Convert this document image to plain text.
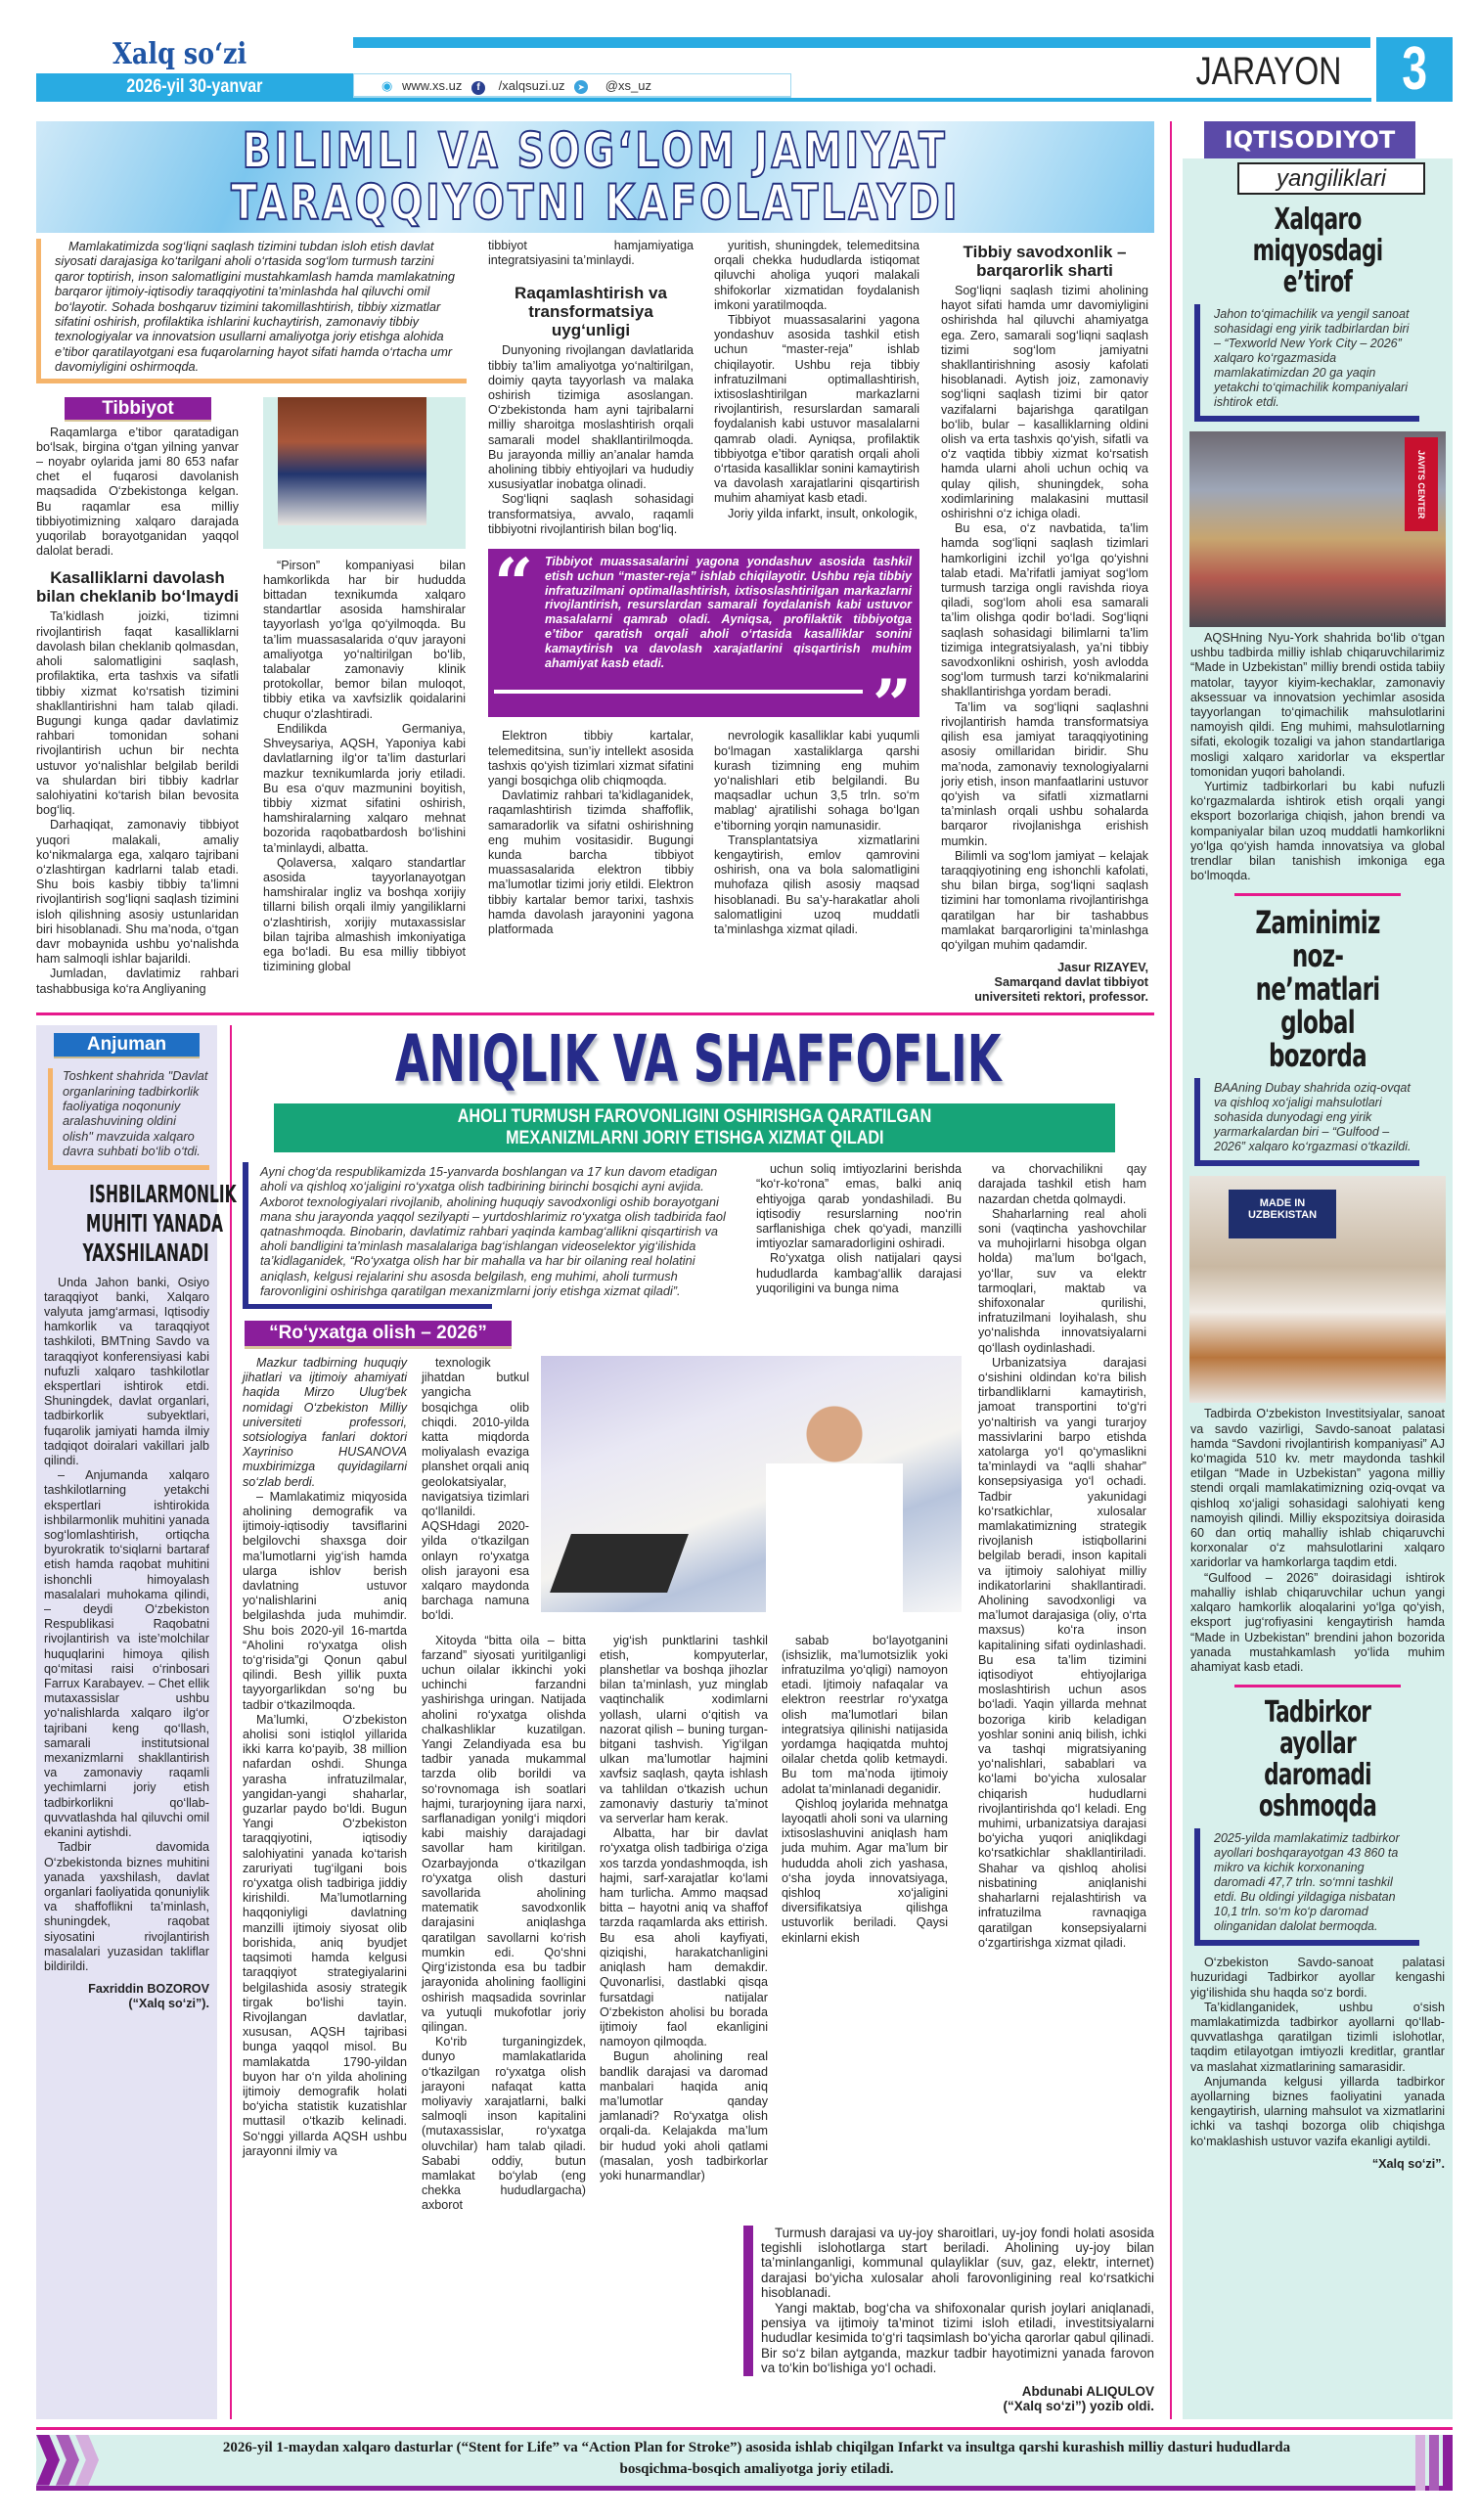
Xalq so‘zi
2026-yil 30-yanvar	◉ www.xs.uz f /xalqsuzi.uz ➤ @xs_uz	JARAYON 3
BILIMLI VA SOG‘LOM JAMIYAT
TARAQQIYOTNI KAFOLATLAYDI

Mamlakatimizda sog‘liqni saqlash tizimini tubdan isloh etish davlat siyosati darajasiga ko‘tarilgani aholi o‘rtasida sog‘lom turmush tarzini qaror toptirish, inson salomatligini mustahkamlash hamda mamlakatning barqaror ijtimoiy-iqtisodiy taraqqiyotini ta’minlashda hal qiluvchi omil bo‘layotir. Sohada boshqaruv tizimini takomillashtirish, tibbiy xizmatlar sifatini oshirish, profilaktika ishlarini kuchaytirish, zamonaviy tibbiy texnologiyalar va innovatsion usullarni amaliyotga joriy etishga alohida e’tibor qaratilayotgani esa fuqarolarning hayot sifati hamda o‘rtacha umr davomiyligini oshirmoqda.

Tibbiyot

Raqamlarga e’tibor qaratadigan bo‘lsak, birgina o‘tgan yilning yanvar – noyabr oylarida jami 80 653 nafar chet el fuqarosi davolanish maqsadida O‘zbekistonga kelgan. Bu raqamlar esa milliy tibbiyotimizning xalqaro darajada yuqorilab borayotganidan yaqqol dalolat beradi.

Kasalliklarni davolash bilan cheklanib bo‘lmaydi

Ta’kidlash joizki, tizimni rivojlantirish faqat kasalliklarni davolash bilan cheklanib qolmasdan, aholi salomatligini saqlash, profilaktika, erta tashxis va sifatli tibbiy xizmat ko‘rsatish tizimini shakllantirishni ham talab qiladi. Bugungi kunga qadar davlatimiz rahbari tomonidan sohani rivojlantirish uchun bir nechta ustuvor yo‘nalishlar belgilab berildi va shulardan biri tibbiy kadrlar salohiyatini ko‘tarish bilan bevosita bog‘liq.

Darhaqiqat, zamonaviy tibbiyot yuqori malakali, amaliy ko‘nikmalarga ega, xalqaro tajribani o‘zlashtirgan kadrlarni talab etadi. Shu bois kasbiy tibbiy ta’limni rivojlantirish sog‘liqni saqlash tizimini isloh qilishning asosiy ustunlaridan biri hisoblanadi. Shu ma’noda, o‘tgan davr mobaynida ushbu yo‘nalishda ham salmoqli ishlar bajarildi.

Jumladan, davlatimiz rahbari tashabbusiga ko‘ra Angliyaning

“Pirson” kompaniyasi bilan hamkorlikda har bir hududda bittadan texnikumda xalqaro standartlar asosida hamshiralar tayyorlash yo‘lga qo‘yilmoqda. Bu ta’lim muassasalarida o‘quv jarayoni amaliyotga yo‘naltirilgan bo‘lib, talabalar zamonaviy klinik protokollar, bemor bilan muloqot, tibbiy etika va xavfsizlik qoidalarini chuqur o‘zlashtiradi.

Endilikda Germaniya, Shveysariya, AQSH, Yaponiya kabi davlatlarning ilg‘or ta’lim dasturlari mazkur texnikumlarda joriy etiladi. Bu esa o‘quv mazmunini boyitish, tibbiy xizmat sifatini oshirish, hamshiralarning xalqaro mehnat bozorida raqobatbardosh bo‘lishini ta’minlaydi, albatta.

Qolaversa, xalqaro standartlar asosida tayyorlanayotgan hamshiralar ingliz va boshqa xorijiy tillarni bilish orqali ilmiy yangiliklarni o‘zlashtirish, xorijiy mutaxassislar bilan tajriba almashish imkoniyatiga ega bo‘ladi. Bu esa milliy tibbiyot tizimining global

tibbiyot hamjamiyatiga integratsiyasini ta’minlaydi.
Raqamlashtirish va transformatsiya uyg‘unligi

Dunyoning rivojlangan davlatlarida tibbiy ta’lim amaliyotga yo‘naltirilgan, doimiy qayta tayyorlash va malaka oshirish tizimiga asoslangan. O‘zbekistonda ham ayni tajribalarni milliy sharoitga moslashtirish orqali samarali model shakllantirilmoqda. Bu jarayonda milliy an’analar hamda aholining tibbiy ehtiyojlari va hududiy xususiyatlar inobatga olinadi.

Sog‘liqni saqlash sohasidagi transformatsiya, avvalo, raqamli tibbiyotni rivojlantirish bilan bog‘liq.

yuritish, shuningdek, telemeditsina orqali chekka hududlarda istiqomat qiluvchi aholiga yuqori malakali shifokorlar xizmatidan foydalanish imkoni yaratilmoqda.

Tibbiyot muassasalarini yagona yondashuv asosida tashkil etish uchun “master-reja” ishlab chiqilayotir. Ushbu reja tibbiy infratuzilmani optimallashtirish, ixtisoslashtirilgan markazlarni rivojlantirish, resurslardan samarali foydalanish kabi ustuvor masalalarni qamrab oladi. Ayniqsa, profilaktik tibbiyotga e’tibor qaratish orqali aholi o‘rtasida kasalliklar sonini kamaytirish va davolash xarajatlarini qisqartirish muhim ahamiyat kasb etadi.

Joriy yilda infarkt, insult, onkologik,

“ Tibbiyot muassasalarini yagona yondashuv asosida tashkil etish uchun “master-reja” ishlab chiqilayotir. Ushbu reja tibbiy infratuzilmani optimallashtirish, ixtisoslashtirilgan markazlarni rivojlantirish, resurslardan samarali foydalanish kabi ustuvor masalalarni qamrab oladi. Ayniqsa, profilaktik tibbiyotga e’tibor qaratish orqali aholi o‘rtasida kasalliklar sonini kamaytirish va davolash xarajatlarini qisqartirish muhim ahamiyat kasb etadi.
”

Elektron tibbiy kartalar, telemeditsina, sun’iy intellekt asosida tashxis qo‘yish tizimlari xizmat sifatini yangi bosqichga olib chiqmoqda.

Davlatimiz rahbari ta’kidlaganidek, raqamlashtirish tizimda shaffoflik, samaradorlik va sifatni oshirishning eng muhim vositasidir. Bugungi kunda barcha tibbiyot muassasalarida elektron tibbiy ma’lumotlar tizimi joriy etildi. Elektron tibbiy kartalar bemor tarixi, tashxis hamda davolash jarayonini yagona platformada

nevrologik kasalliklar kabi yuqumli bo‘lmagan xastaliklarga qarshi kurash tizimning eng muhim yo‘nalishlari etib belgilandi. Bu maqsadlar uchun 3,5 trln. so‘m mablag‘ ajratilishi sohaga bo‘lgan e’tiborning yorqin namunasidir.

Transplantatsiya xizmatlarini kengaytirish, emlov qamrovini oshirish, ona va bola salomatligini muhofaza qilish asosiy maqsad hisoblanadi. Bu sa’y-harakatlar aholi salomatligini uzoq muddatli ta’minlashga xizmat qiladi.

Tibbiy savodxonlik – barqarorlik sharti

Sog‘liqni saqlash tizimi aholining hayot sifati hamda umr davomiyligini oshirishda hal qiluvchi ahamiyatga ega. Zero, samarali sog‘liqni saqlash tizimi sog‘lom jamiyatni shakllantirishning asosiy kafolati hisoblanadi. Aytish joiz, zamonaviy sog‘liqni saqlash tizimi bir qator vazifalarni bajarishga qaratilgan bo‘lib, bular – kasalliklarning oldini olish va erta tashxis qo‘yish, sifatli va o‘z vaqtida tibbiy xizmat ko‘rsatish hamda ularni aholi uchun ochiq va qulay qilish, shuningdek, soha xodimlarining malakasini muttasil oshirishni o‘z ichiga oladi.

Bu esa, o‘z navbatida, ta’lim hamda sog‘liqni saqlash tizimlari hamkorligini izchil yo‘lga qo‘yishni talab etadi. Ma’rifatli jamiyat sog‘lom turmush tarziga ongli ravishda rioya qiladi, sog‘lom aholi esa samarali ta’lim olishga qodir bo‘ladi. Sog‘liqni saqlash sohasidagi bilimlarni ta’lim tizimiga integratsiyalash, ya’ni tibbiy savodxonlikni oshirish, yosh avlodda sog‘lom turmush tarzi ko‘nikmalarini shakllantirishga yordam beradi.

Ta’lim va sog‘liqni saqlashni rivojlantirish hamda transformatsiya qilish esa jamiyat taraqqiyotining asosiy omillaridan biridir. Shu ma’noda, zamonaviy texnologiyalarni joriy etish, inson manfaatlarini ustuvor qo‘yish va sifatli xizmatlarni ta’minlash orqali ushbu sohalarda barqaror rivojlanishga erishish mumkin.

Bilimli va sog‘lom jamiyat – kelajak taraqqiyotining eng ishonchli kafolati, shu bilan birga, sog‘liqni saqlash tizimini har tomonlama rivojlantirishga qaratilgan har bir tashabbus mamlakat barqarorligini ta’minlashga qo‘yilgan muhim qadamdir.

Jasur RIZAYEV,
Samarqand davlat tibbiyot universiteti rektori, professor.
Anjuman
Toshkent shahrida "Davlat organlarining tadbirkorlik faoliyatiga noqonuniy aralashuvining oldini olish" mavzuida xalqaro davra suhbati bo‘lib o‘tdi.
ISHBILARMONLIK
MUHITI YANADA
YAXSHILANADI

Unda Jahon banki, Osiyo taraqqiyot banki, Xalqaro valyuta jamg‘armasi, Iqtisodiy hamkorlik va taraqqiyot tashkiloti, BMTning Savdo va taraqqiyot konferensiyasi kabi nufuzli xalqaro tashkilotlar ekspertlari ishtirok etdi. Shuningdek, davlat organlari, tadbirkorlik subyektlari, fuqarolik jamiyati hamda ilmiy tadqiqot doiralari vakillari jalb qilindi.

– Anjumanda xalqaro tashkilotlarning yetakchi ekspertlari ishtirokida ishbilarmonlik muhitini yanada sog‘lomlashtirish, ortiqcha byurokratik to‘siqlarni bartaraf etish hamda raqobat muhitini ishonchli himoyalash masalalari muhokama qilindi, – deydi O‘zbekiston Respublikasi Raqobatni rivojlantirish va iste’molchilar huquqlarini himoya qilish qo‘mitasi raisi o‘rinbosari Farrux Karabayev. – Chet ellik mutaxassislar ushbu yo‘nalishlarda xalqaro ilg‘or tajribani keng qo‘llash, samarali institutsional mexanizmlarni shakllantirish va zamonaviy raqamli yechimlarni joriy etish tadbirkorlikni qo‘llab-quvvatlashda hal qiluvchi omil ekanini aytishdi.

Tadbir davomida O‘zbekistonda biznes muhitini yanada yaxshilash, davlat organlari faoliyatida qonuniylik va shaffoflikni ta’minlash, shuningdek, raqobat siyosatini rivojlantirish masalalari yuzasidan takliflar bildirildi.

Faxriddin BOZOROV
(“Xalq so‘zi”).
ANIQLIK VA SHAFFOFLIK
AHOLI TURMUSH FAROVONLIGINI OSHIRISHGA QARATILGAN
MEXANIZMLARNI JORIY ETISHGA XIZMAT QILADI
Ayni chog‘da respublikamizda 15-yanvarda boshlangan va 17 kun davom etadigan aholi va qishloq xo‘jaligini ro‘yxatga olish tadbirining birinchi bosqichi ayni avjida. Axborot texnologiyalari rivojlanib, aholining huquqiy savodxonligi oshib borayotgani mana shu jarayonda yaqqol sezilyapti – yurtdoshlarimiz ro‘yxatga olish tadbirida faol qatnashmoqda. Binobarin, davlatimiz rahbari yaqinda kambag‘allikni qisqartirish va aholi bandligini ta’minlash masalalariga bag‘ishlangan videoselektor yig‘ilishida ta’kidlaganidek, “Ro‘yxatga olish har bir mahalla va har bir oilaning real holatini aniqlash, kelgusi rejalarini shu asosda belgilash, eng muhimi, aholi turmush farovonligini oshirishga qaratilgan mexanizmlarni joriy etishga xizmat qiladi”.

uchun soliq imtiyozlarini berishda “ko‘r-ko‘rona” emas, balki aniq ehtiyojga qarab yondashiladi. Bu iqtisodiy resurslarning noo‘rin sarflanishiga chek qo‘yadi, manzilli imtiyozlar samaradorligini oshiradi.

Ro‘yxatga olish natijalari qaysi hududlarda kambag‘allik darajasi yuqoriligini va bunga nima

“Ro‘yxatga olish – 2026”
Mazkur tadbirning huquqiy jihatlari va ijtimoiy ahamiyati haqida Mirzo Ulug‘bek nomidagi O‘zbekiston Milliy universiteti professori, sotsiologiya fanlari doktori Xayriniso HUSANOVA muxbirimizga quyidagilarni so‘zlab berdi.

– Mamlakatimiz miqyosida aholining demografik va ijtimoiy-iqtisodiy tavsiflarini belgilovchi shaxsga doir ma’lumotlarni yig‘ish hamda ularga ishlov berish davlatning ustuvor yo‘nalishlarini aniq belgilashda juda muhimdir. Shu bois 2020-yil 16-martda “Aholini ro‘yxatga olish to‘g‘risida”gi Qonun qabul qilindi. Besh yillik puxta tayyorgarlikdan so‘ng bu tadbir o‘tkazilmoqda.

Ma’lumki, O‘zbekiston aholisi soni istiqlol yillarida ikki karra ko‘payib, 38 million nafardan oshdi. Shunga yarasha infratuzilmalar, yangidan-yangi shaharlar, guzarlar paydo bo‘ldi. Bugun Yangi O‘zbekiston taraqqiyotini, iqtisodiy salohiyatini yanada ko‘tarish zaruriyati tug‘ilgani bois ro‘yxatga olish tadbiriga jiddiy kirishildi. Ma’lumotlarning haqqoniyligi davlatning manzilli ijtimoiy siyosat olib borishida, aniq byudjet taqsimoti hamda kelgusi taraqqiyot strategiyalarini belgilashida asosiy strategik tirgak bo‘lishi tayin. Rivojlangan davlatlar, xususan, AQSH tajribasi bunga yaqqol misol. Bu mamlakatda 1790-yildan buyon har o‘n yilda aholining ijtimoiy demografik holati bo‘yicha statistik kuzatishlar muttasil o‘tkazib kelinadi. So‘nggi yillarda AQSH ushbu jarayonni ilmiy va

texnologik jihatdan butkul yangicha bosqichga olib chiqdi. 2010-yilda katta miqdorda moliyalash evaziga planshet orqali aniq geolokatsiyalar, navigatsiya tizimlari qo‘llanildi. AQSHdagi 2020-yilda o‘tkazilgan onlayn ro‘yxatga olish jarayoni esa xalqaro maydonda barchaga namuna bo‘ldi.

Xitoyda “bitta oila – bitta farzand” siyosati yuritilganligi uchun oilalar ikkinchi yoki uchinchi farzandni yashirishga uringan. Natijada aholini ro‘yxatga olishda chalkashliklar kuzatilgan. Yangi Zelandiyada esa bu tadbir yanada mukammal tarzda olib borildi va so‘rovnomaga ish soatlari hajmi, turarjoyning ijara narxi, sarflanadigan yonilg‘i miqdori kabi maishiy darajadagi savollar ham kiritilgan. Ozarbayjonda o‘tkazilgan ro‘yxatga olish dasturi savollarida aholining matematik savodxonlik darajasini aniqlashga qaratilgan savollarni ko‘rish mumkin edi. Qo‘shni Qirg‘izistonda esa bu tadbir jarayonida aholining faolligini oshirish maqsadida sovrinlar va yutuqli mukofotlar joriy qilingan.

Ko‘rib turganingizdek, dunyo mamlakatlarida o‘tkazilgan ro‘yxatga olish jarayoni nafaqat katta moliyaviy xarajatlarni, balki salmoqli inson kapitalini (mutaxassislar, ro‘yxatga oluvchilar) ham talab qiladi. Sababi oddiy, butun mamlakat bo‘ylab (eng chekka hududlargacha) axborot

yig‘ish punktlarini tashkil etish, kompyuterlar, planshetlar va boshqa jihozlar bilan ta’minlash, yuz minglab vaqtinchalik xodimlarni yollash, ularni o‘qitish va nazorat qilish – buning turgan-bitgani tashvish. Yig‘ilgan ulkan ma’lumotlar hajmini xavfsiz saqlash, qayta ishlash va tahlildan o‘tkazish uchun zamonaviy dasturiy ta’minot va serverlar ham kerak.

Albatta, har bir davlat ro‘yxatga olish tadbiriga o‘ziga xos tarzda yondashmoqda, ish hajmi, sarf-xarajatlar ko‘lami ham turlicha. Ammo maqsad bitta – hayotni aniq va shaffof tarzda raqamlarda aks ettirish. Bu esa aholi kayfiyati, qiziqishi, harakatchanligini aniqlash ham demakdir. Quvonarlisi, dastlabki qisqa fursatdagi natijalar O‘zbekiston aholisi bu borada ijtimoiy faol ekanligini namoyon qilmoqda.

Bugun aholining real bandlik darajasi va daromad manbalari haqida aniq ma’lumotlar qanday jamlanadi? Ro‘yxatga olish orqali-da. Kelajakda ma’lum bir hudud yoki aholi qatlami (masalan, yosh tadbirkorlar yoki hunarmandlar)

sabab bo‘layotganini (ishsizlik, ma’lumotsizlik yoki infratuzilma yo‘qligi) namoyon etadi. Ijtimoiy nafaqalar va elektron reestrlar ro‘yxatga olish ma’lumotlari bilan integratsiya qilinishi natijasida yordamga haqiqatda muhtoj oilalar chetda qolib ketmaydi. Bu tom ma’noda ijtimoiy adolat ta’minlanadi deganidir.

Qishloq joylarida mehnatga layoqatli aholi soni va ularning ixtisoslashuvini aniqlash ham juda muhim. Agar ma’lum bir hududda aholi zich yashasa, o‘sha joyda innovatsiyaga, qishloq xo‘jaligini diversifikatsiya qilishga ustuvorlik beriladi. Qaysi ekinlarni ekish

va chorvachilikni qay darajada tashkil etish ham nazardan chetda qolmaydi.

Shaharlarning real aholi soni (vaqtincha yashovchilar va muhojirlarni hisobga olgan holda) ma’lum bo‘lgach, yo‘llar, suv va elektr tarmoqlari, maktab va shifoxonalar qurilishi, infratuzilmani loyihalash, shu yo‘nalishda innovatsiyalarni qo‘llash oydinlashadi.

Urbanizatsiya darajasi o‘sishini oldindan ko‘ra bilish tirbandliklarni kamaytirish, jamoat transportini to‘g‘ri yo‘naltirish va yangi turarjoy massivlarini barpo etishda xatolarga yo‘l qo‘ymaslikni ta’minlaydi va “aqlli shahar” konsepsiyasiga yo‘l ochadi. Tadbir yakunidagi ko‘rsatkichlar, xulosalar mamlakatimizning strategik rivojlanish istiqbollarini belgilab beradi, inson kapitali va ijtimoiy salohiyat milliy indikatorlarini shakllantiradi. Aholining savodxonligi va ma’lumot darajasiga (oliy, o‘rta maxsus) ko‘ra inson kapitalining sifati oydinlashadi. Bu esa ta’lim tizimini iqtisodiyot ehtiyojlariga moslashtirish uchun asos bo‘ladi. Yaqin yillarda mehnat bozoriga kirib keladigan yoshlar sonini aniq bilish, ichki va tashqi migratsiyaning yo‘nalishlari, sabablari va ko‘lami bo‘yicha xulosalar chiqarish hududlarni rivojlantirishda qo‘l keladi. Eng muhimi, urbanizatsiya darajasi bo‘yicha yuqori aniqlikdagi ko‘rsatkichlar shakllantiriladi. Shahar va qishloq aholisi nisbatining aniqlanishi shaharlarni rejalashtirish va infratuzilma ravnaqiga qaratilgan konsepsiyalarni o‘zgartirishga xizmat qiladi.

Turmush darajasi va uy-joy sharoitlari, uy-joy fondi holati asosida tegishli islohotlarga start beriladi. Aholining uy-joy bilan ta’minlanganligi, kommunal qulayliklar (suv, gaz, elektr, internet) darajasi bo‘yicha xulosalar aholi farovonligining real ko‘rsatkichi hisoblanadi.

Yangi maktab, bog‘cha va shifoxonalar qurish joylari aniqlanadi, pensiya va ijtimoiy ta’minot tizimi isloh etiladi, investitsiyalarni hududlar kesimida to‘g‘ri taqsimlash bo‘yicha qarorlar qabul qilinadi. Bir so‘z bilan aytganda, mazkur tadbir hayotimizni yanada farovon va to‘kin bo‘lishiga yo‘l ochadi.

Abdunabi ALIQULOV
(“Xalq so‘zi”) yozib oldi.
IQTISODIYOT
yangiliklari
Xalqaro miqyosdagi e’tirof
Jahon to‘qimachilik va yengil sanoat sohasidagi eng yirik tadbirlardan biri – “Texworld New York City – 2026” xalqaro ko‘rgazmasida mamlakatimizdan 20 ga yaqin yetakchi to‘qimachilik kompaniyalari ishtirok etdi.
JAVITS CENTER

AQSHning Nyu-York shahrida bo‘lib o‘tgan ushbu tadbirda milliy ishlab chiqaruvchilarimiz “Made in Uzbekistan” milliy brendi ostida tabiiy matolar, tayyor kiyim-kechaklar, zamonaviy aksessuar va innovatsion yechimlar asosida tayyorlangan to‘qimachilik mahsulotlarini namoyish qildi. Eng muhimi, mahsulotlarning sifati, ekologik tozaligi va jahon standartlariga mosligi xalqaro xaridorlar va ekspertlar tomonidan yuqori baholandi.

Yurtimiz tadbirkorlari bu kabi nufuzli ko‘rgazmalarda ishtirok etish orqali yangi eksport bozorlariga chiqish, jahon brendi va kompaniyalar bilan uzoq muddatli hamkorlikni yo‘lga qo‘yish hamda innovatsiya va global trendlar bilan tanishish imkoniga ega bo‘lmoqda.

Zaminimiz noz-ne’matlari global bozorda
BAAning Dubay shahrida oziq-ovqat va qishloq xo‘jaligi mahsulotlari sohasida dunyodagi eng yirik yarmarkalardan biri – “Gulfood – 2026” xalqaro ko‘rgazmasi o‘tkazildi.
MADE IN UZBEKISTAN

Tadbirda O‘zbekiston Investitsiyalar, sanoat va savdo vazirligi, Savdo-sanoat palatasi hamda “Savdoni rivojlantirish kompaniyasi” AJ ko‘magida 510 kv. metr maydonda tashkil etilgan “Made in Uzbekistan” yagona milliy stendi orqali mamlakatimizning oziq-ovqat va qishloq xo‘jaligi sohasidagi salohiyati keng namoyish qilindi. Milliy ekspozitsiya doirasida 60 dan ortiq mahalliy ishlab chiqaruvchi korxonalar o‘z mahsulotlarini xalqaro xaridorlar va hamkorlarga taqdim etdi.

“Gulfood – 2026” doirasidagi ishtirok mahalliy ishlab chiqaruvchilar uchun yangi xalqaro hamkorlik aloqalarini yo‘lga qo‘yish, eksport jug‘rofiyasini kengaytirish hamda “Made in Uzbekistan” brendini jahon bozorida yanada mustahkamlash yo‘lida muhim ahamiyat kasb etadi.

Tadbirkor ayollar daromadi oshmoqda
2025-yilda mamlakatimiz tadbirkor ayollari boshqarayotgan 43 860 ta mikro va kichik korxonaning daromadi 47,7 trln. so‘mni tashkil etdi. Bu oldingi yildagiga nisbatan 10,1 trln. so‘m ko‘p daromad olinganidan dalolat bermoqda.

O‘zbekiston Savdo-sanoat palatasi huzuridagi Tadbirkor ayollar kengashi yig‘ilishida shu haqda so‘z bordi.

Ta’kidlanganidek, ushbu o‘sish mamlakatimizda tadbirkor ayollarni qo‘llab-quvvatlashga qaratilgan tizimli islohotlar, taqdim etilayotgan imtiyozli kreditlar, grantlar va maslahat xizmatlarining samarasidir.

Anjumanda kelgusi yillarda tadbirkor ayollarning biznes faoliyatini yanada kengaytirish, ularning mahsulot va xizmatlarini ichki va tashqi bozorga olib chiqishga ko‘maklashish ustuvor vazifa ekanligi aytildi.

“Xalq so‘zi”.
2026-yil 1-maydan xalqaro dasturlar (“Stent for Life” va “Action Plan for Stroke”) asosida ishlab chiqilgan Infarkt va insultga qarshi kurashish milliy dasturi hududlarda
bosqichma-bosqich amaliyotga joriy etiladi.
